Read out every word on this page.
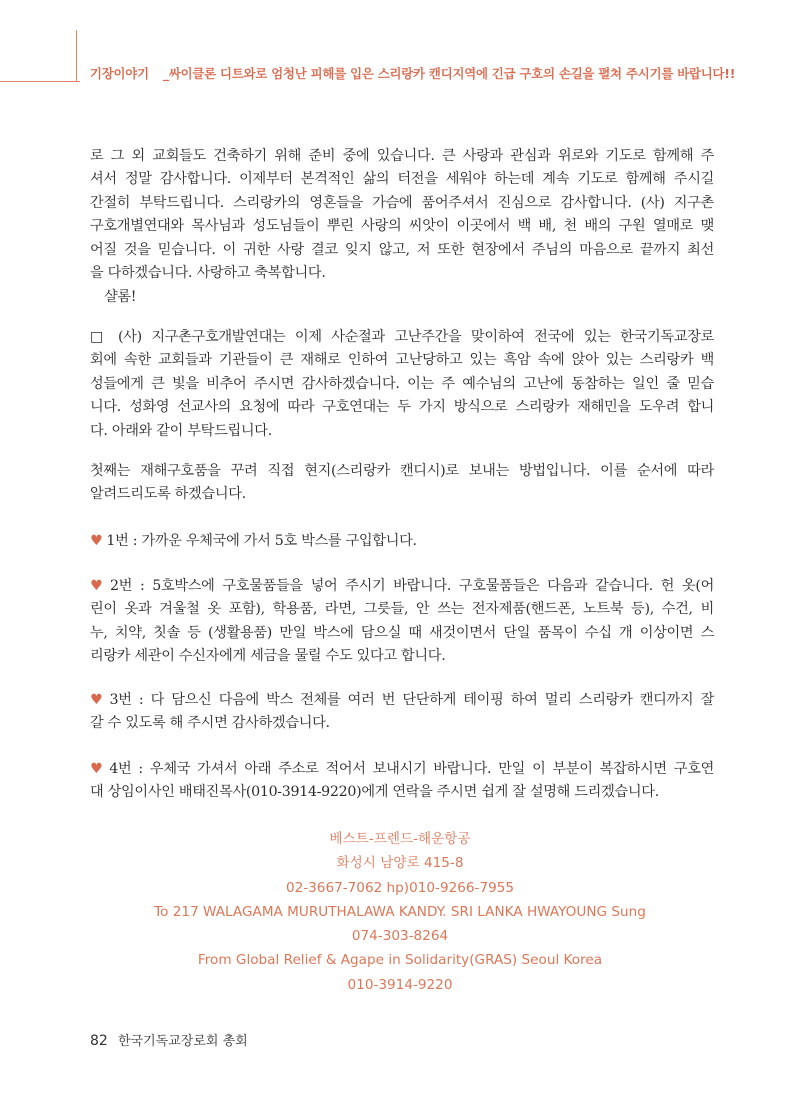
기장이야기 _싸이클론 디트와로 엄청난 피해를 입은 스리랑카 캔디지역에 긴급 구호의 손길을 펼쳐 주시기를 바랍니다!!
로 그 외 교회들도 건축하기 위해 준비 중에 있습니다. 큰 사랑과 관심과 위로와 기도로 함께해 주
셔서 정말 감사합니다. 이제부터 본격적인 삶의 터전을 세워야 하는데 계속 기도로 함께해 주시길
간절히 부탁드립니다. 스리랑카의 영혼들을 가슴에 품어주셔서 진심으로 감사합니다. (사) 지구촌
구호개별연대와 목사님과 성도님들이 뿌린 사랑의 씨앗이 이곳에서 백 배, 천 배의 구원 열매로 맺
어질 것을 믿습니다. 이 귀한 사랑 결코 잊지 않고, 저 또한 현장에서 주님의 마음으로 끝까지 최선
을 다하겠습니다. 사랑하고 축복합니다.
샬롬!
□ (사) 지구촌구호개발연대는 이제 사순절과 고난주간을 맞이하여 전국에 있는 한국기독교장로
회에 속한 교회들과 기관들이 큰 재해로 인하여 고난당하고 있는 흑암 속에 앉아 있는 스리랑카 백
성들에게 큰 빛을 비추어 주시면 감사하겠습니다. 이는 주 예수님의 고난에 동참하는 일인 줄 믿습
니다. 성화영 선교사의 요청에 따라 구호연대는 두 가지 방식으로 스리랑카 재해민을 도우려 합니
다. 아래와 같이 부탁드립니다.
첫째는 재해구호품을 꾸려 직접 현지(스리랑카 캔디시)로 보내는 방법입니다. 이를 순서에 따라
알려드리도록 하겠습니다.
♥ 1번 : 가까운 우체국에 가서 5호 박스를 구입합니다.
♥ 2번 : 5호박스에 구호물품들을 넣어 주시기 바랍니다. 구호물품들은 다음과 같습니다. 헌 옷(어
린이 옷과 겨울철 옷 포함), 학용품, 라면, 그릇들, 안 쓰는 전자제품(핸드폰, 노트북 등), 수건, 비
누, 치약, 칫솔 등 (생활용품) 만일 박스에 담으실 때 새것이면서 단일 품목이 수십 개 이상이면 스
리랑카 세관이 수신자에게 세금을 물릴 수도 있다고 합니다.
♥ 3번 : 다 담으신 다음에 박스 전체를 여러 번 단단하게 테이핑 하여 멀리 스리랑카 캔디까지 잘
갈 수 있도록 해 주시면 감사하겠습니다.
♥ 4번 : 우체국 가셔서 아래 주소로 적어서 보내시기 바랍니다. 만일 이 부분이 복잡하시면 구호연
대 상임이사인 배태진목사(010-3914-9220)에게 연락을 주시면 쉽게 잘 설명해 드리겠습니다.
베스트-프렌드-해운항공
화성시 남양로 415-8
02-3667-7062 hp)010-9266-7955
To 217 WALAGAMA MURUTHALAWA KANDY. SRI LANKA HWAYOUNG Sung
074-303-8264
From Global Relief & Agape in Solidarity(GRAS) Seoul Korea
010-3914-9220
82 한국기독교장로회 총회
